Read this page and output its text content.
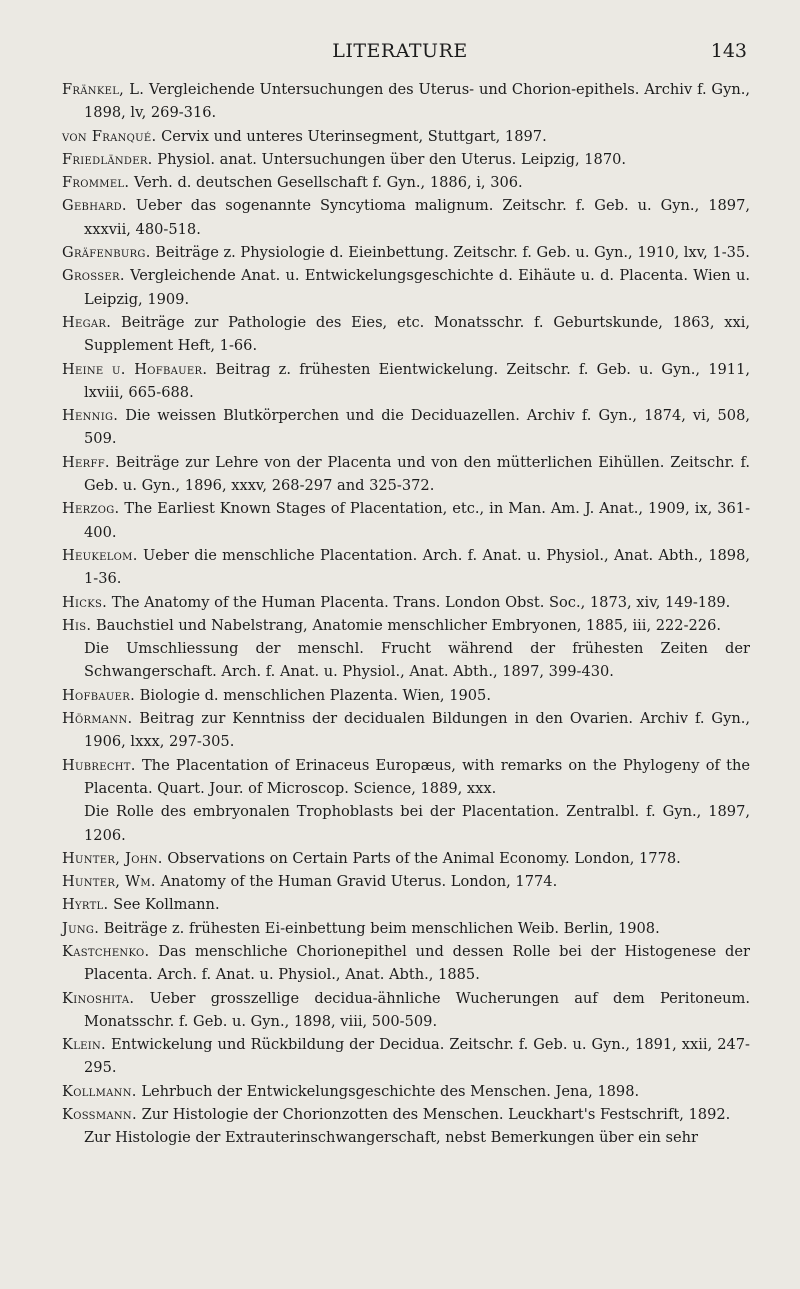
LITERATURE	143
Fränkel, L. Vergleichende Untersuchungen des Uterus- und Chorion-epithels. Archiv f. Gyn., 1898, lv, 269-316.
von Franqué. Cervix und unteres Uterinsegment, Stuttgart, 1897.
Friedländer. Physiol. anat. Untersuchungen über den Uterus. Leipzig, 1870.
Frommel. Verh. d. deutschen Gesellschaft f. Gyn., 1886, i, 306.
Gebhard. Ueber das sogenannte Syncytioma malignum. Zeitschr. f. Geb. u. Gyn., 1897, xxxvii, 480-518.
Gräfenburg. Beiträge z. Physiologie d. Eieinbettung. Zeitschr. f. Geb. u. Gyn., 1910, lxv, 1-35.
Grosser. Vergleichende Anat. u. Entwickelungsgeschichte d. Eihäute u. d. Placenta. Wien u. Leipzig, 1909.
Hegar. Beiträge zur Pathologie des Eies, etc. Monatsschr. f. Geburtskunde, 1863, xxi, Supplement Heft, 1-66.
Heine u. Hofbauer. Beitrag z. frühesten Eientwickelung. Zeitschr. f. Geb. u. Gyn., 1911, lxviii, 665-688.
Hennig. Die weissen Blutkörperchen und die Deciduazellen. Archiv f. Gyn., 1874, vi, 508, 509.
Herff. Beiträge zur Lehre von der Placenta und von den mütterlichen Eihüllen. Zeitschr. f. Geb. u. Gyn., 1896, xxxv, 268-297 and 325-372.
Herzog. The Earliest Known Stages of Placentation, etc., in Man. Am. J. Anat., 1909, ix, 361-400.
Heukelom. Ueber die menschliche Placentation. Arch. f. Anat. u. Physiol., Anat. Abth., 1898, 1-36.
Hicks. The Anatomy of the Human Placenta. Trans. London Obst. Soc., 1873, xiv, 149-189.
His. Bauchstiel und Nabelstrang, Anatomie menschlicher Embryonen, 1885, iii, 222-226.
Die Umschliessung der menschl. Frucht während der frühesten Zeiten der Schwangerschaft. Arch. f. Anat. u. Physiol., Anat. Abth., 1897, 399-430.
Hofbauer. Biologie d. menschlichen Plazenta. Wien, 1905.
Hörmann. Beitrag zur Kenntniss der decidualen Bildungen in den Ovarien. Archiv f. Gyn., 1906, lxxx, 297-305.
Hubrecht. The Placentation of Erinaceus Europæus, with remarks on the Phylogeny of the Placenta. Quart. Jour. of Microscop. Science, 1889, xxx.
Die Rolle des embryonalen Trophoblasts bei der Placentation. Zentralbl. f. Gyn., 1897, 1206.
Hunter, John. Observations on Certain Parts of the Animal Economy. London, 1778.
Hunter, Wm. Anatomy of the Human Gravid Uterus. London, 1774.
Hyrtl. See Kollmann.
Jung. Beiträge z. frühesten Ei-einbettung beim menschlichen Weib. Berlin, 1908.
Kastchenko. Das menschliche Chorionepithel und dessen Rolle bei der Histogenese der Placenta. Arch. f. Anat. u. Physiol., Anat. Abth., 1885.
Kinoshita. Ueber grosszellige decidua-ähnliche Wucherungen auf dem Peritoneum. Monatsschr. f. Geb. u. Gyn., 1898, viii, 500-509.
Klein. Entwickelung und Rückbildung der Decidua. Zeitschr. f. Geb. u. Gyn., 1891, xxii, 247-295.
Kollmann. Lehrbuch der Entwickelungsgeschichte des Menschen. Jena, 1898.
Kossmann. Zur Histologie der Chorionzotten des Menschen. Leuckhart's Festschrift, 1892.
Zur Histologie der Extrauterinschwangerschaft, nebst Bemerkungen über ein sehr
